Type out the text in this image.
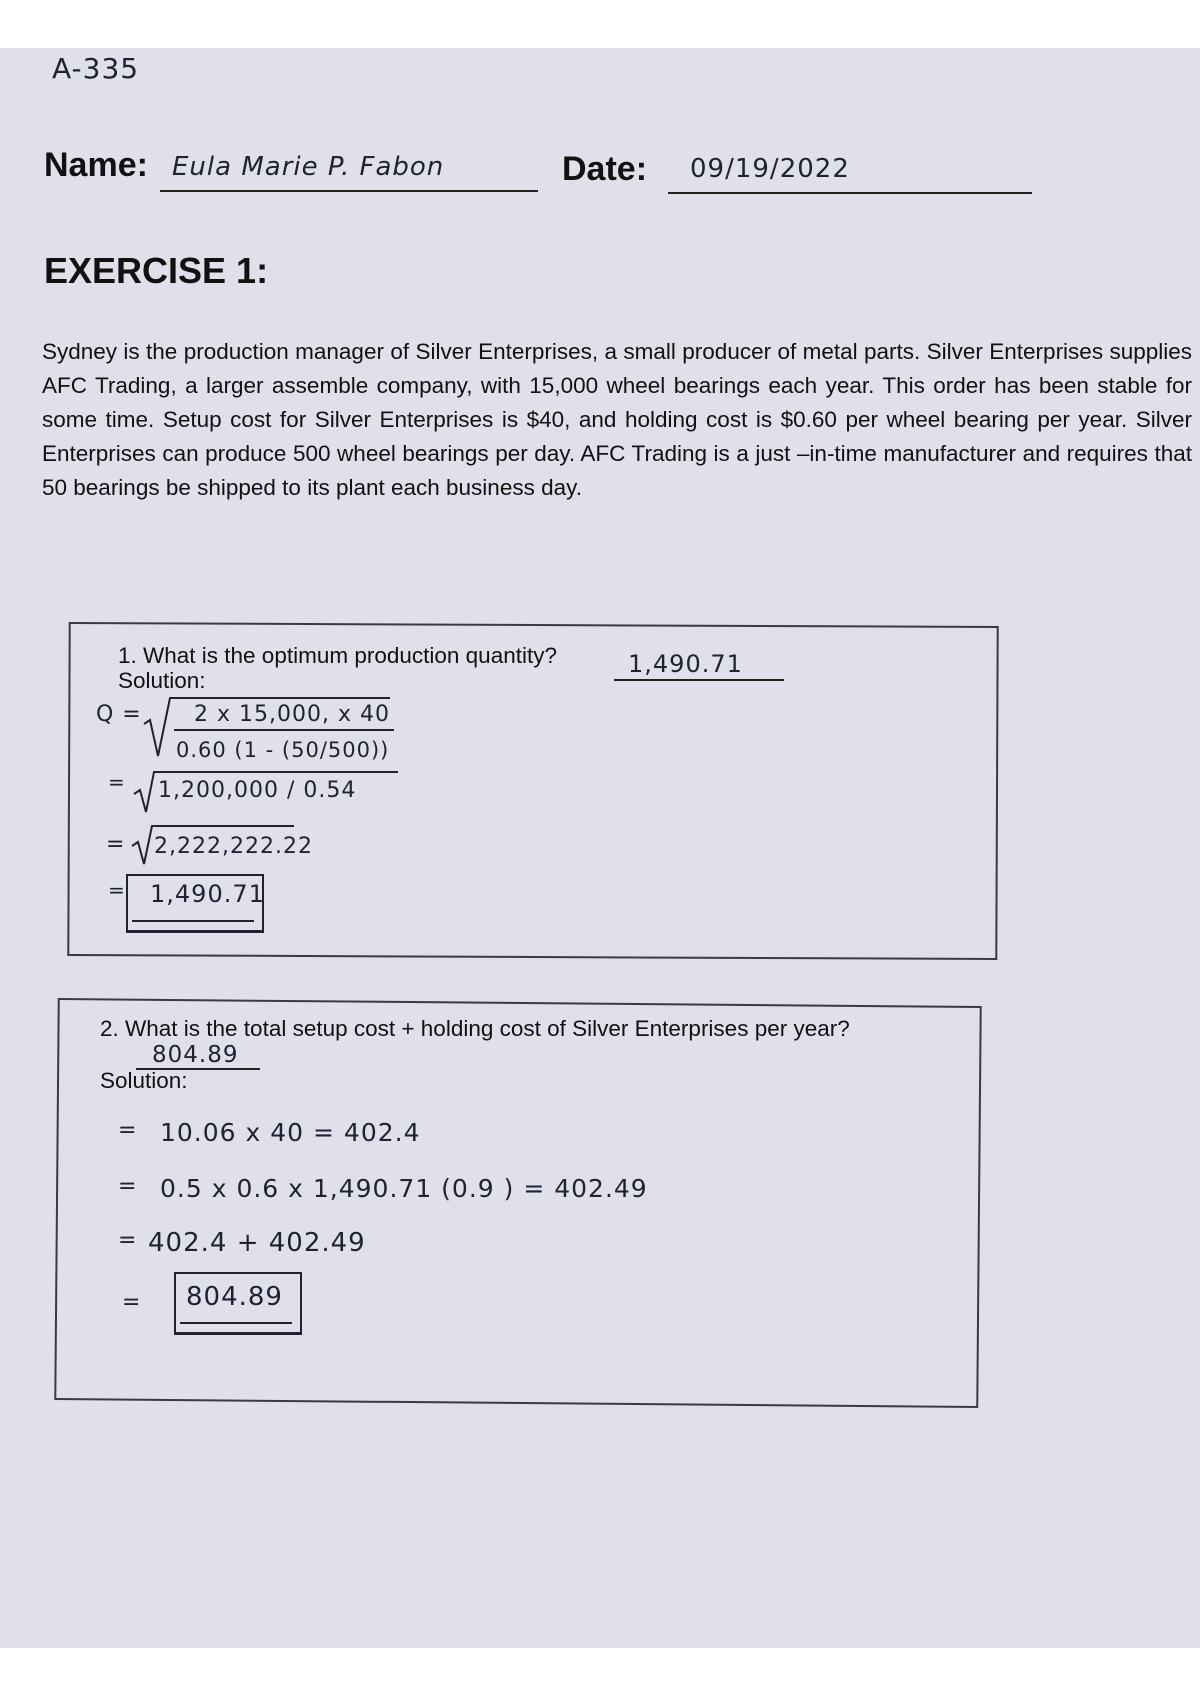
A-335
Name: Eula Marie P. Fabon	Date: 09/19/2022
EXERCISE 1:
Sydney is the production manager of Silver Enterprises, a small producer of metal parts. Silver Enterprises supplies AFC Trading, a larger assemble company, with 15,000 wheel bearings each year. This order has been stable for some time. Setup cost for Silver Enterprises is $40, and holding cost is $0.60 per wheel bearing per year. Silver Enterprises can produce 500 wheel bearings per day. AFC Trading is a just –in-time manufacturer and requires that 50 bearings be shipped to its plant each business day.
1. What is the optimum production quantity?	1,490.71
Solution:
Q = 2 x 15,000, x 40
0.60 (1 - (50/500))
= 1,200,000 / 0.54
= 2,222,222.22
= 1,490.71
2. What is the total setup cost + holding cost of Silver Enterprises per year?
804.89
Solution:
= 10.06 x 40 = 402.4
= 0.5 x 0.6 x 1,490.71 (0.9 ) = 402.49
= 402.4 + 402.49
= 804.89
